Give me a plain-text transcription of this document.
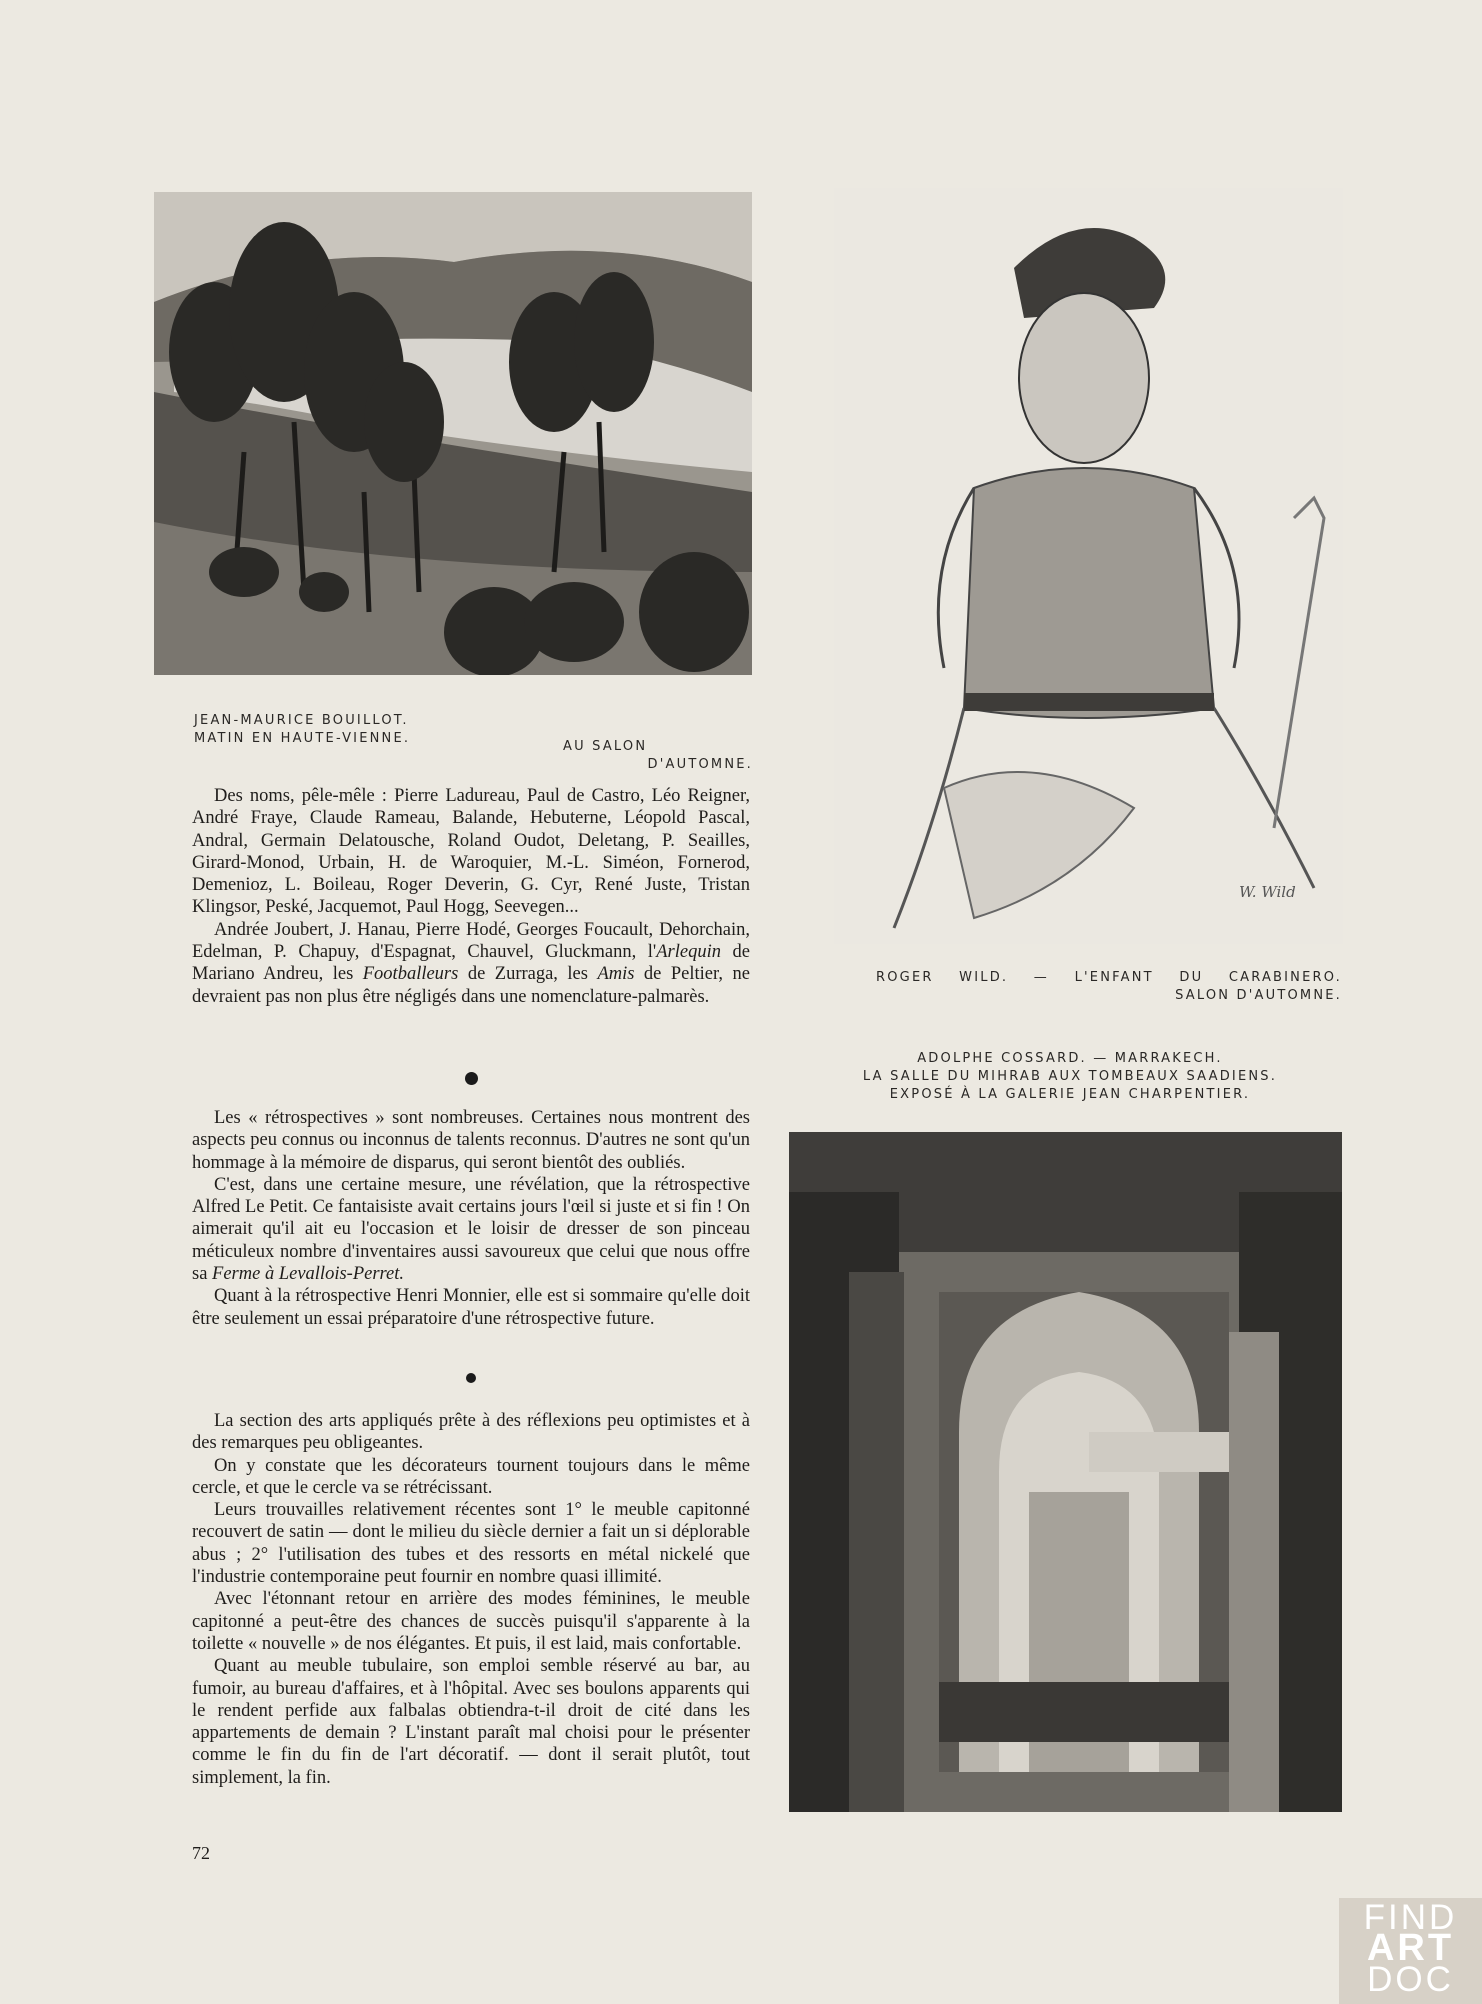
W. Wild
JEAN-MAURICE BOUILLOT.
MATIN EN HAUTE-VIENNE.
AU SALON
D'AUTOMNE.
ROGER WILD. — L'ENFANT DU CARABINERO.
SALON D'AUTOMNE.
ADOLPHE COSSARD. — MARRAKECH.
LA SALLE DU MIHRAB AUX TOMBEAUX SAADIENS.
EXPOSÉ À LA GALERIE JEAN CHARPENTIER.

Des noms, pêle-mêle : Pierre Ladureau, Paul de Castro, Léo Reigner, André Fraye, Claude Rameau, Balande, Hebuterne, Léopold Pascal, Andral, Germain Delatousche, Roland Oudot, Deletang, P. Seailles, Girard-Monod, Urbain, H. de Waroquier, M.-L. Siméon, Fornerod, Demenioz, L. Boileau, Roger Deverin, G. Cyr, René Juste, Tristan Klingsor, Peské, Jacquemot, Paul Hogg, Seevegen...

Andrée Joubert, J. Hanau, Pierre Hodé, Georges Foucault, Dehorchain, Edelman, P. Chapuy, d'Espagnat, Chauvel, Gluckmann, l'Arlequin de Mariano Andreu, les Footballeurs de Zurraga, les Amis de Peltier, ne devraient pas non plus être négligés dans une nomenclature-palmarès.

Les « rétrospectives » sont nombreuses. Certaines nous montrent des aspects peu connus ou inconnus de talents reconnus. D'autres ne sont qu'un hommage à la mémoire de disparus, qui seront bientôt des oubliés.

C'est, dans une certaine mesure, une révélation, que la rétrospective Alfred Le Petit. Ce fantaisiste avait certains jours l'œil si juste et si fin ! On aimerait qu'il ait eu l'occasion et le loisir de dresser de son pinceau méticuleux nombre d'inventaires aussi savoureux que celui que nous offre sa Ferme à Levallois-Perret.

Quant à la rétrospective Henri Monnier, elle est si sommaire qu'elle doit être seulement un essai préparatoire d'une rétrospective future.

La section des arts appliqués prête à des réflexions peu optimistes et à des remarques peu obligeantes.

On y constate que les décorateurs tournent toujours dans le même cercle, et que le cercle va se rétrécissant.

Leurs trouvailles relativement récentes sont 1° le meuble capitonné recouvert de satin — dont le milieu du siècle dernier a fait un si déplorable abus ; 2° l'utilisation des tubes et des ressorts en métal nickelé que l'industrie contemporaine peut fournir en nombre quasi illimité.

Avec l'étonnant retour en arrière des modes féminines, le meuble capitonné a peut-être des chances de succès puisqu'il s'apparente à la toilette « nouvelle » de nos élégantes. Et puis, il est laid, mais confortable.

Quant au meuble tubulaire, son emploi semble réservé au bar, au fumoir, au bureau d'affaires, et à l'hôpital. Avec ses boulons apparents qui le rendent perfide aux falbalas obtiendra-t-il droit de cité dans les appartements de demain ? L'instant paraît mal choisi pour le présenter comme le fin du fin de l'art décoratif. — dont il serait plutôt, tout simplement, la fin.

72
FIND
ART
DOC
